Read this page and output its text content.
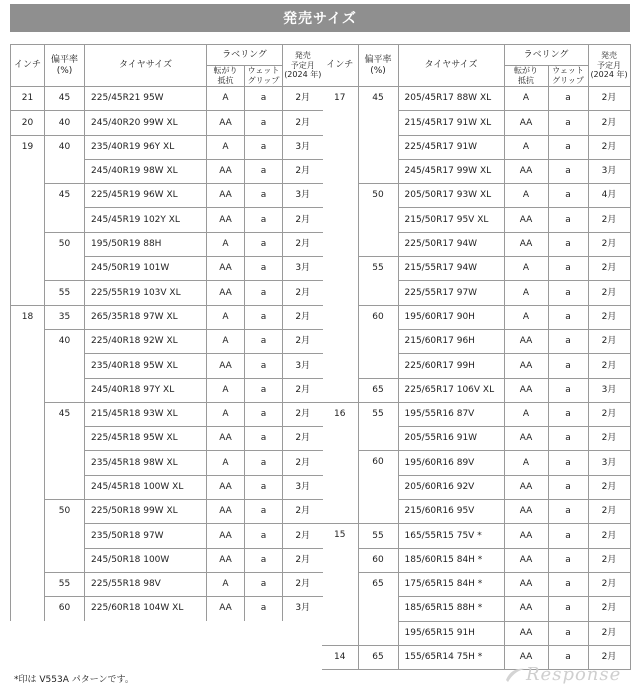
発売サイズ
インチ	偏平率
(%)	タイヤサイズ	ラベリング		発売
予定月
(2024 年)
			転がり
抵抗	ウェット
グリップ	
21	45	225/45R21 95W	A	a	2月
20	40	245/40R20 99W XL	AA	a	2月
19	40	235/40R19 96Y XL	A	a	3月
		245/40R19 98W XL	AA	a	2月
	45	225/45R19 96W XL	AA	a	3月
		245/45R19 102Y XL	AA	a	2月
	50	195/50R19 88H	A	a	2月
		245/50R19 101W	AA	a	3月
	55	225/55R19 103V XL	AA	a	2月
18	35	265/35R18 97W XL	A	a	2月
	40	225/40R18 92W XL	A	a	2月
		235/40R18 95W XL	AA	a	3月
		245/40R18 97Y XL	A	a	2月
	45	215/45R18 93W XL	A	a	2月
		225/45R18 95W XL	AA	a	2月
		235/45R18 98W XL	A	a	2月
		245/45R18 100W XL	AA	a	3月
	50	225/50R18 99W XL	AA	a	2月
		235/50R18 97W	AA	a	2月
		245/50R18 100W	AA	a	2月
	55	225/55R18 98V	A	a	2月
	60	225/60R18 104W XL	AA	a	3月
インチ	偏平率
(%)	タイヤサイズ	ラベリング		発売
予定月
(2024 年)
			転がり
抵抗	ウェット
グリップ	
17	45	205/45R17 88W XL	A	a	2月
		215/45R17 91W XL	AA	a	2月
		225/45R17 91W	A	a	2月
		245/45R17 99W XL	AA	a	3月
	50	205/50R17 93W XL	A	a	4月
		215/50R17 95V XL	AA	a	2月
		225/50R17 94W	AA	a	2月
	55	215/55R17 94W	A	a	2月
		225/55R17 97W	A	a	2月
	60	195/60R17 90H	A	a	2月
		215/60R17 96H	AA	a	2月
		225/60R17 99H	AA	a	2月
	65	225/65R17 106V XL	AA	a	3月
16	55	195/55R16 87V	A	a	2月
		205/55R16 91W	AA	a	2月
	60	195/60R16 89V	A	a	3月
		205/60R16 92V	AA	a	2月
		215/60R16 95V	AA	a	2月
15	55	165/55R15 75V *	AA	a	2月
	60	185/60R15 84H *	AA	a	2月
	65	175/65R15 84H *	AA	a	2月
		185/65R15 88H *	AA	a	2月
		195/65R15 91H	AA	a	2月
14	65	155/65R14 75H *	AA	a	2月
*印は V553A パターンです。	Response
